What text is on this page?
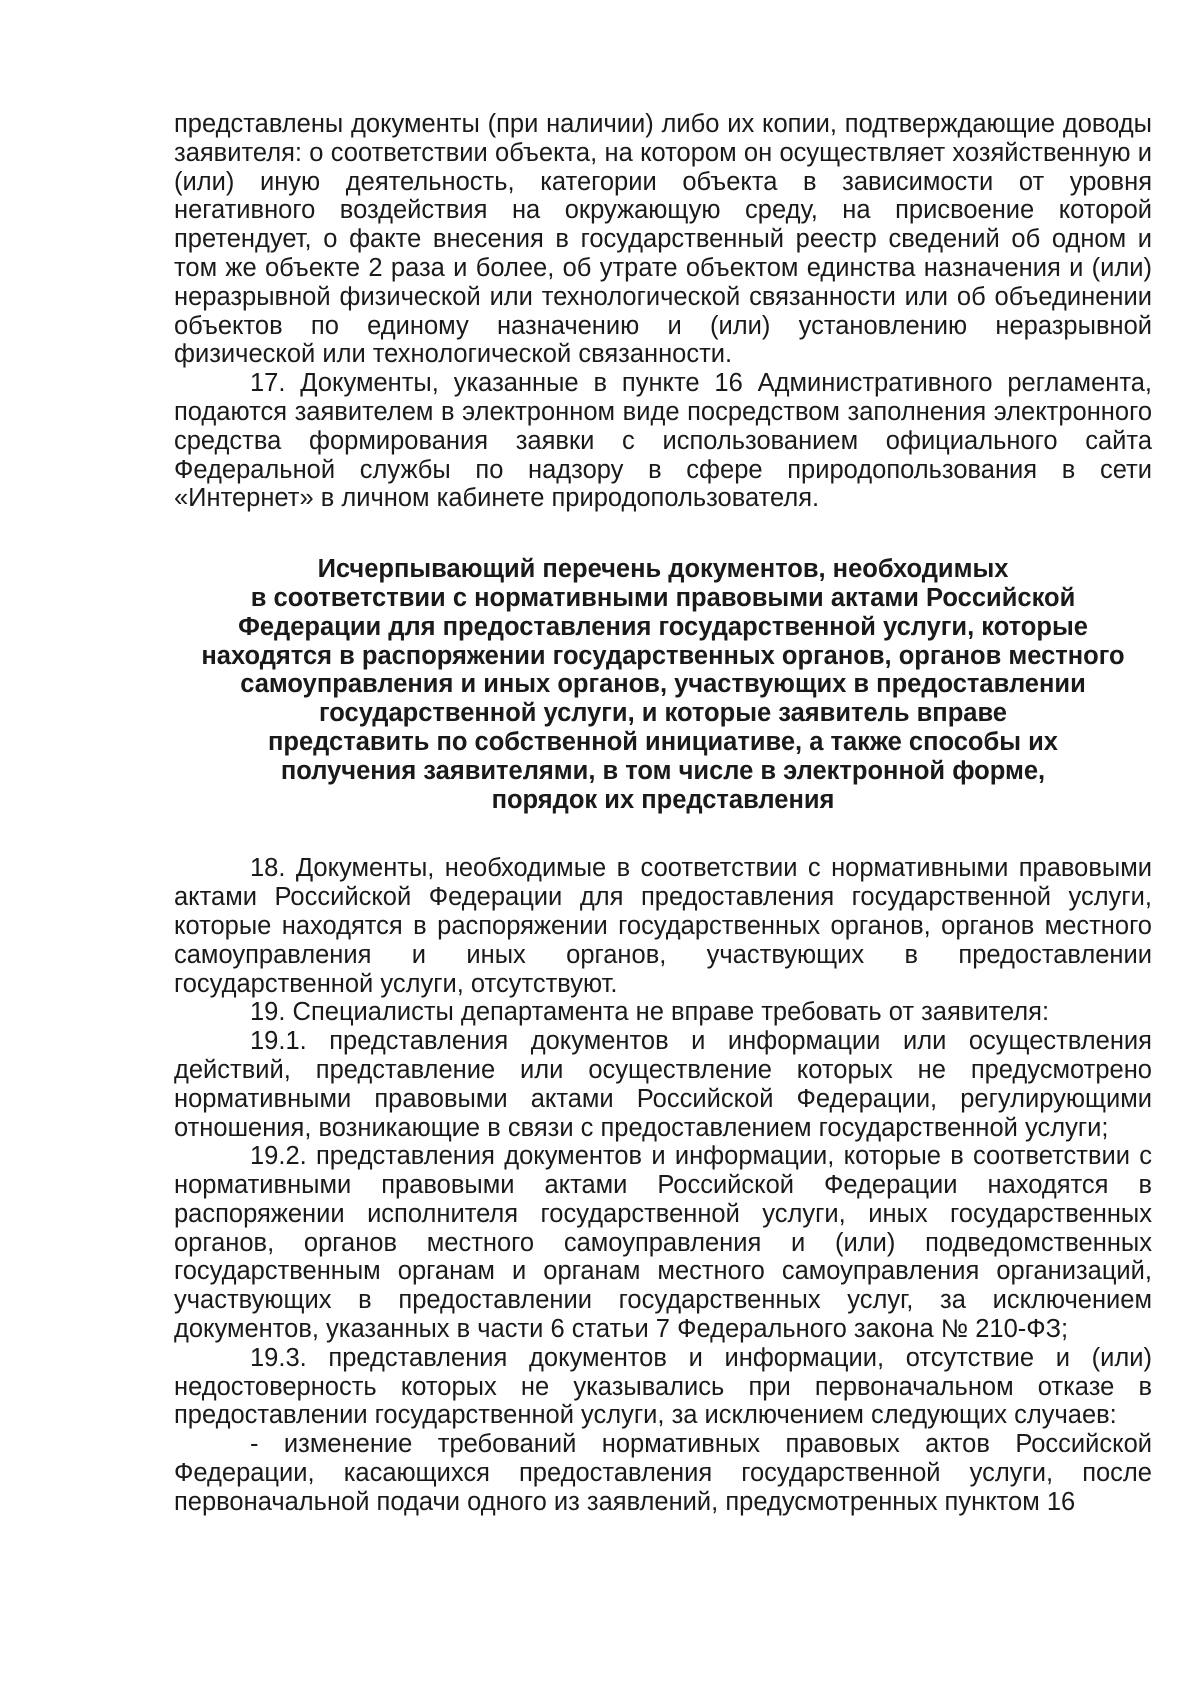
представлены документы (при наличии) либо их копии, подтверждающие доводы заявителя: о соответствии объекта, на котором он осуществляет хозяйственную и (или) иную деятельность, категории объекта в зависимости от уровня негативного воздействия на окружающую среду, на присвоение которой претендует, о факте внесения в государственный реестр сведений об одном и том же объекте 2 раза и более, об утрате объектом единства назначения и (или) неразрывной физической или технологической связанности или об объединении объектов по единому назначению и (или) установлению неразрывной физической или технологической связанности.

17. Документы, указанные в пункте 16 Административного регламента, подаются заявителем в электронном виде посредством заполнения электронного средства формирования заявки с использованием официального сайта Федеральной службы по надзору в сфере природопользования в сети «Интернет» в личном кабинете природопользователя.

Исчерпывающий перечень документов, необходимых
в соответствии с нормативными правовыми актами Российской
Федерации для предоставления государственной услуги, которые
находятся в распоряжении государственных органов, органов местного
самоуправления и иных органов, участвующих в предоставлении
государственной услуги, и которые заявитель вправе
представить по собственной инициативе, а также способы их
получения заявителями, в том числе в электронной форме,
порядок их представления

18. Документы, необходимые в соответствии с нормативными правовыми актами Российской Федерации для предоставления государственной услуги, которые находятся в распоряжении государственных органов, органов местного самоуправления и иных органов, участвующих в предоставлении государственной услуги, отсутствуют.

19. Специалисты департамента не вправе требовать от заявителя:

19.1. представления документов и информации или осуществления действий, представление или осуществление которых не предусмотрено нормативными правовыми актами Российской Федерации, регулирующими отношения, возникающие в связи с предоставлением государственной услуги;

19.2. представления документов и информации, которые в соответствии с нормативными правовыми актами Российской Федерации находятся в распоряжении исполнителя государственной услуги, иных государственных органов, органов местного самоуправления и (или) подведомственных государственным органам и органам местного самоуправления организаций, участвующих в предоставлении государственных услуг, за исключением документов, указанных в части 6 статьи 7 Федерального закона № 210-ФЗ;

19.3. представления документов и информации, отсутствие и (или) недостоверность которых не указывались при первоначальном отказе в предоставлении государственной услуги, за исключением следующих случаев:

- изменение требований нормативных правовых актов Российской Федерации, касающихся предоставления государственной услуги, после первоначальной подачи одного из заявлений, предусмотренных пунктом 16
